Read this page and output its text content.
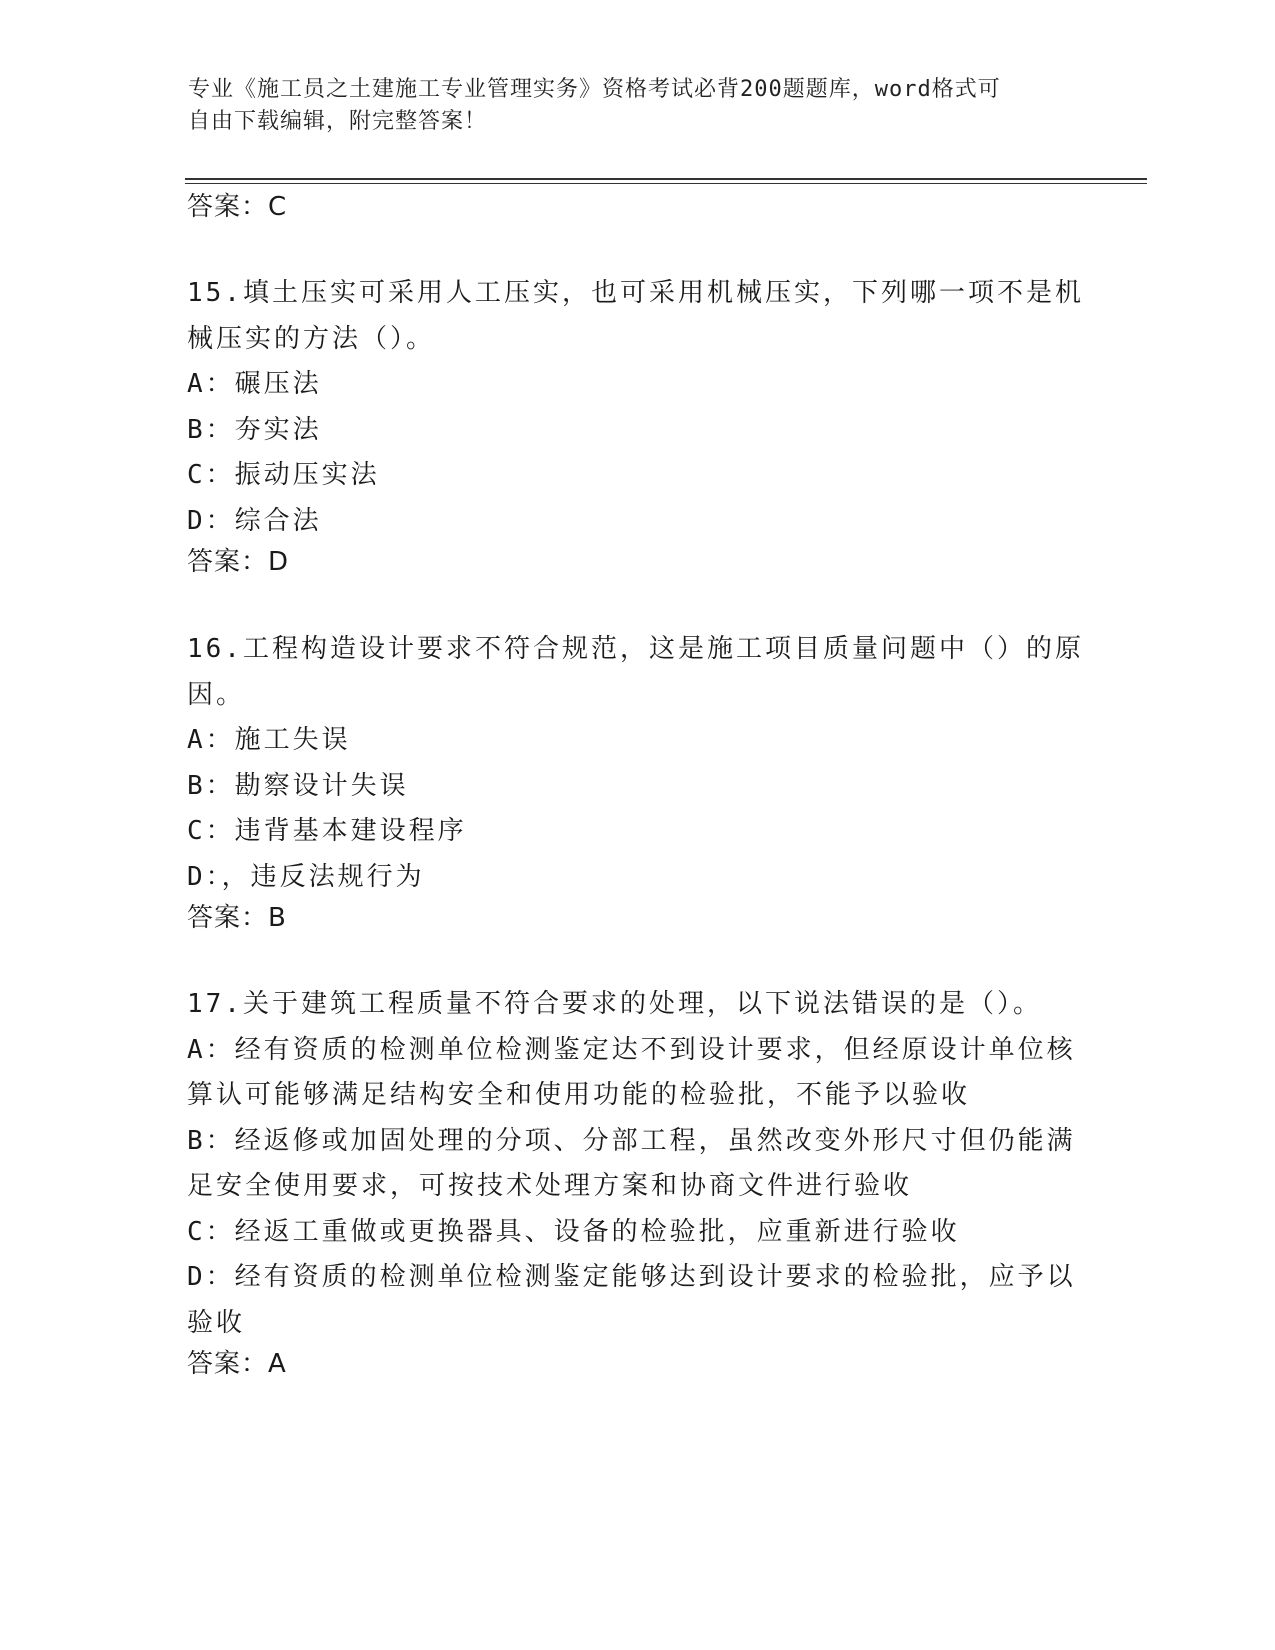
专业《施工员之土建施工专业管理实务》资格考试必背200题题库，word格式可
自由下载编辑，附完整答案！
答案：C
15.填土压实可采用人工压实，也可采用机械压实，下列哪一项不是机
械压实的方法（）。
A：碾压法
B：夯实法
C：振动压实法
D：综合法
答案：D
16.工程构造设计要求不符合规范，这是施工项目质量问题中（）的原
因。
A：施工失误
B：勘察设计失误
C：违背基本建设程序
D：，违反法规行为
答案：B
17.关于建筑工程质量不符合要求的处理，以下说法错误的是（）。
A：经有资质的检测单位检测鉴定达不到设计要求，但经原设计单位核
算认可能够满足结构安全和使用功能的检验批，不能予以验收
B：经返修或加固处理的分项、分部工程，虽然改变外形尺寸但仍能满
足安全使用要求，可按技术处理方案和协商文件进行验收
C：经返工重做或更换器具、设备的检验批，应重新进行验收
D：经有资质的检测单位检测鉴定能够达到设计要求的检验批，应予以
验收
答案：A
